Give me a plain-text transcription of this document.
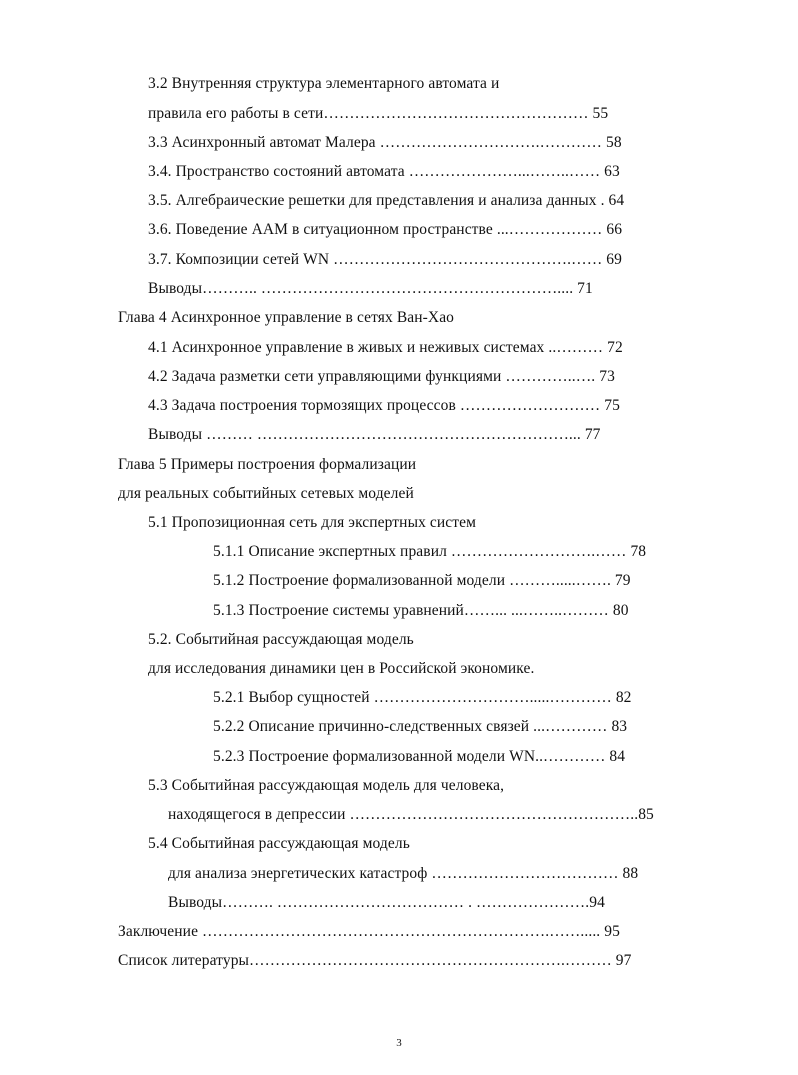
3.2 Внутренняя структура элементарного автомата и
правила его работы в сети…………………………………………… 55
3.3 Асинхронный автомат Малера ………………………….………… 58
3.4. Пространство состояний автомата …………………...……..…… 63
3.5. Алгебраические решетки для представления и анализа данных . 64
3.6. Поведение ААМ в ситуационном пространстве ...……………… 66
3.7. Композиции сетей WN ……………………………………….…… 69
Выводы……….. ………………………………………………….... 71
Глава 4 Асинхронное управление в сетях Ван-Хао
4.1 Асинхронное управление в живых и неживых системах ..……… 72
4.2 Задача разметки сети управляющими функциями …………..…. 73
4.3 Задача построения тормозящих процессов ……………………… 75
Выводы ……… ……………………………………………………... 77
Глава 5 Примеры построения формализации
для реальных событийных сетевых моделей
5.1 Пропозиционная сеть для экспертных систем
5.1.1 Описание экспертных правил ……………………….…… 78
5.1.2 Построение формализованной модели ……….....……. 79
5.1.3 Построение системы уравнений……... ...……..……… 80
5.2. Событийная рассуждающая модель
для исследования динамики цен в Российской экономике.
5.2.1 Выбор сущностей ………………………….....………… 82
5.2.2 Описание причинно-следственных связей ...………… 83
5.2.3 Построение формализованной модели WN..………… 84
5.3 Событийная рассуждающая модель для человека,
находящегося в депрессии ………………………………………………..85
5.4 Событийная рассуждающая модель
для анализа энергетических катастроф ……………………………… 88
Выводы………. ……………………………… . ………………….94
Заключение ………………………………………………………….……..... 95
Список литературы…………………………………………………….……… 97
3
